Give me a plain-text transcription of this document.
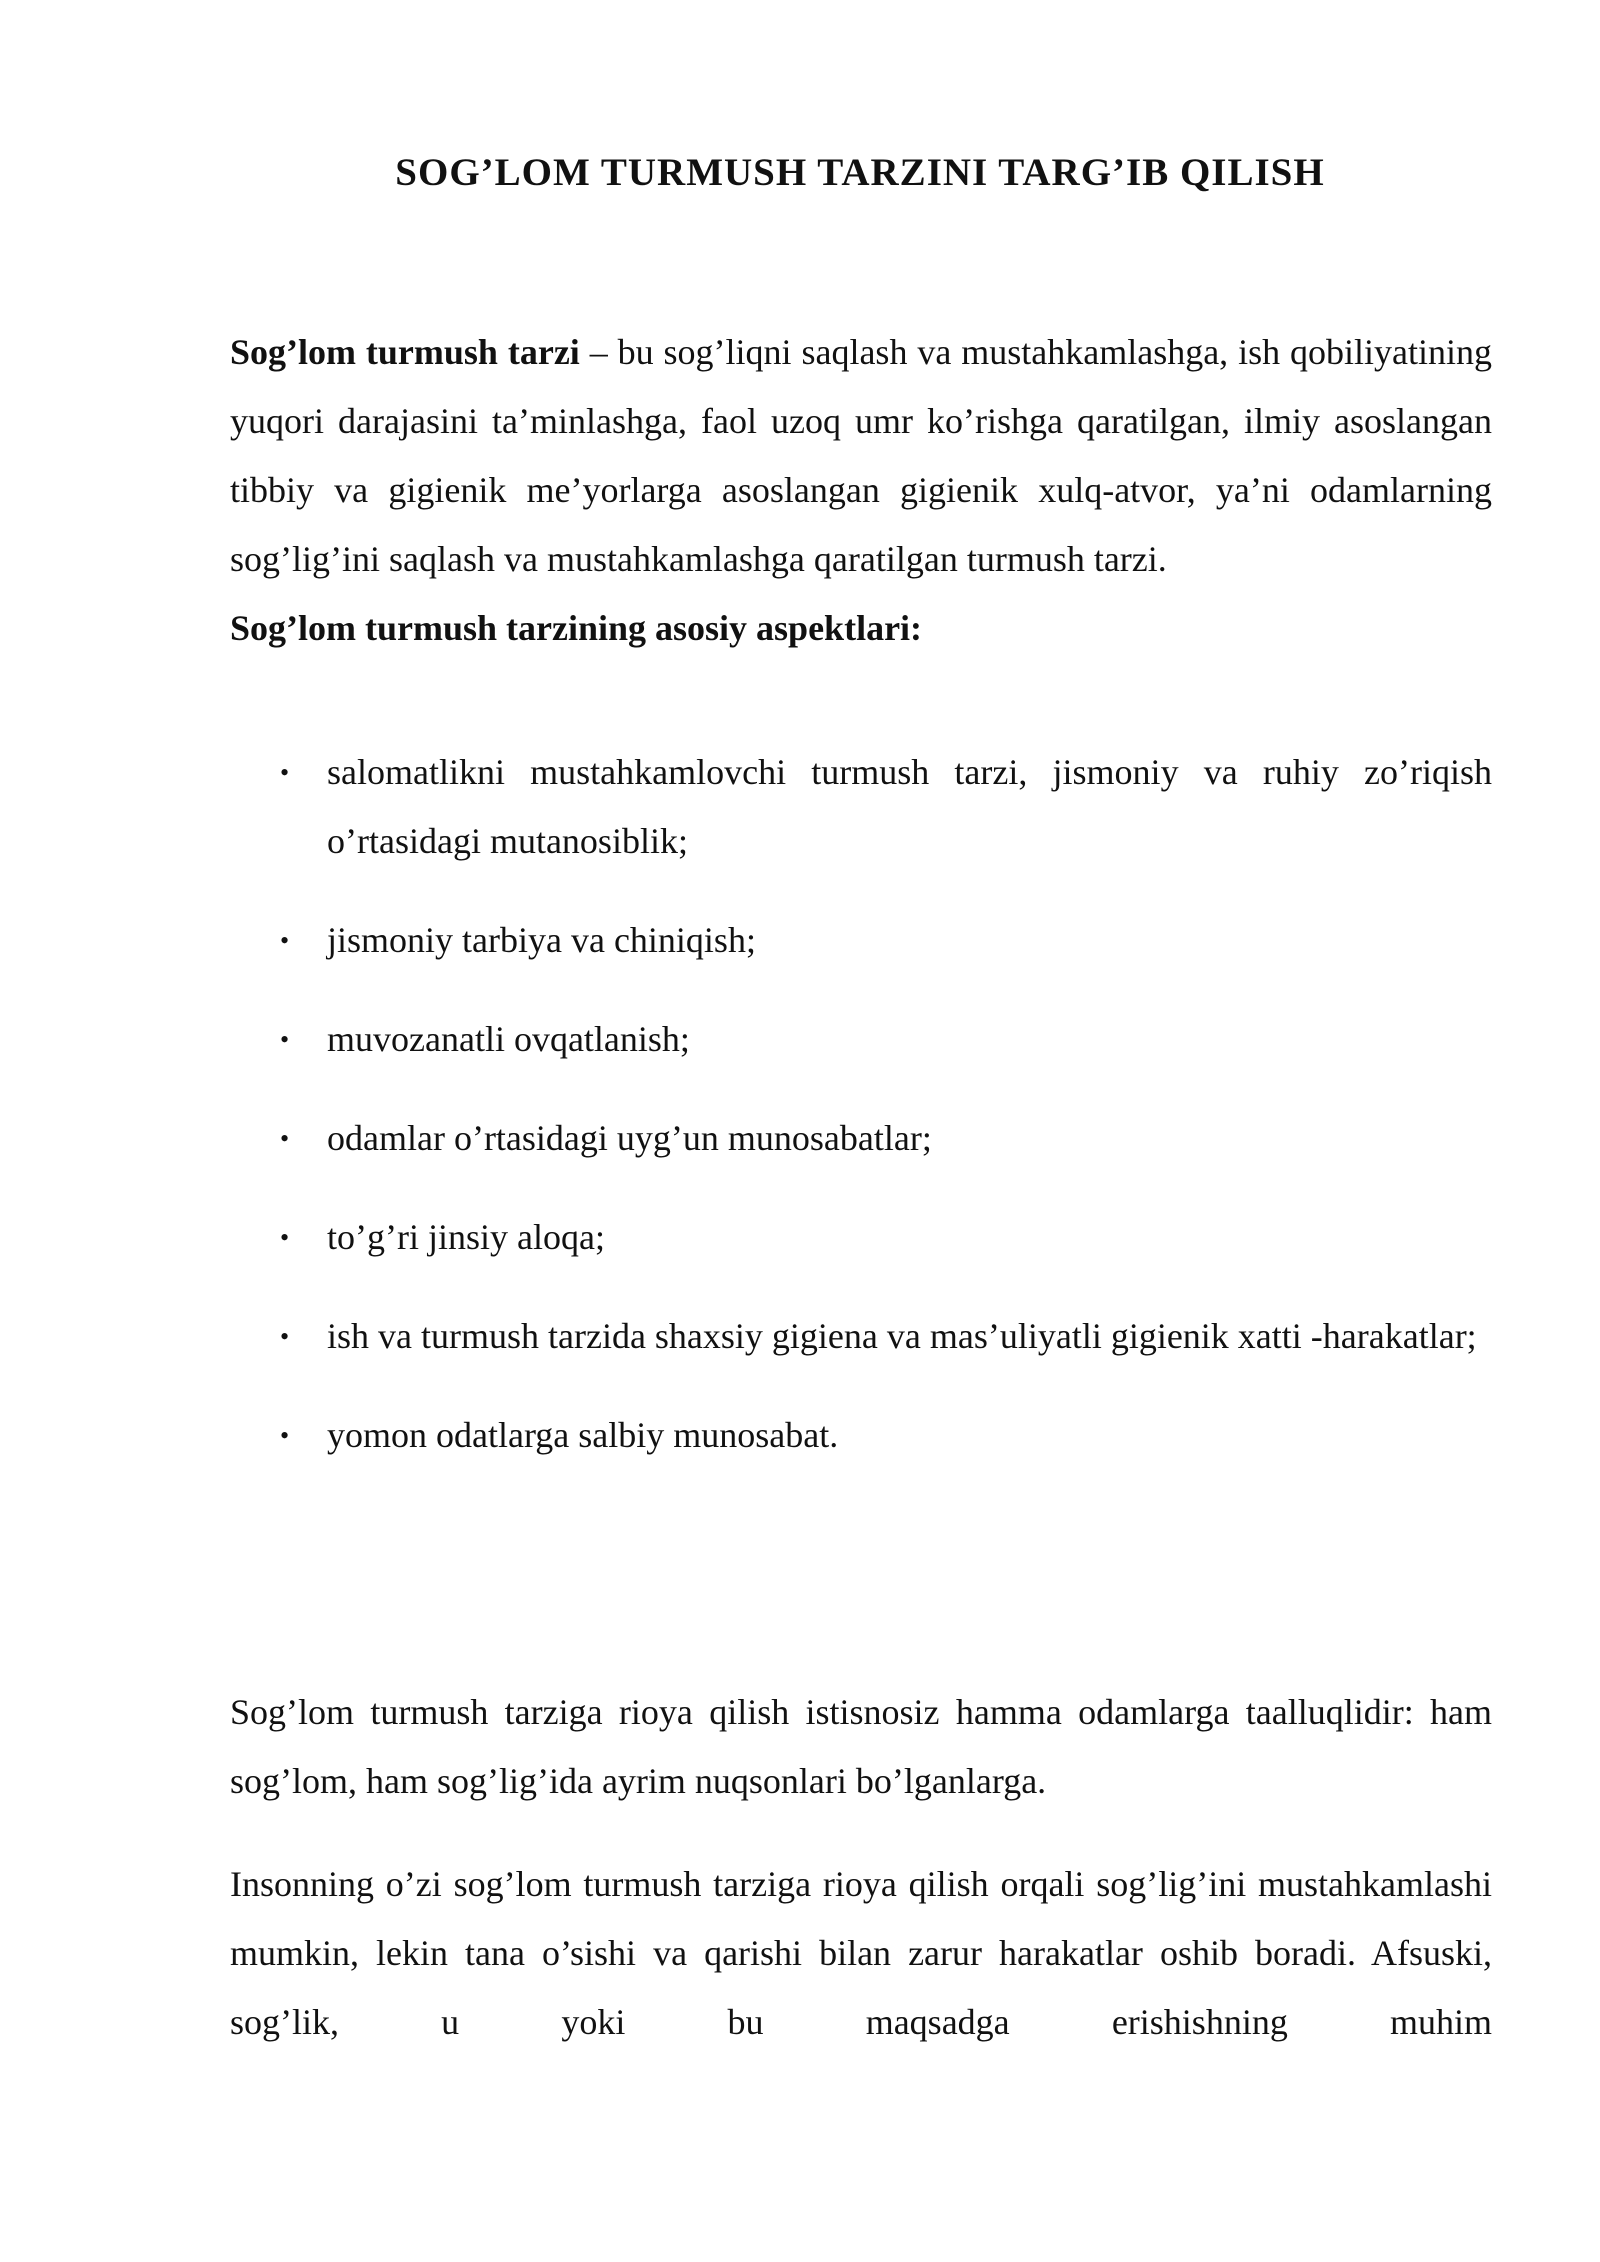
SOG’LOM TURMUSH TARZINI TARG’IB QILISH

Sog’lom turmush tarzi – bu sog’liqni saqlash va mustahkamlashga, ish qobiliyatining yuqori darajasini ta’minlashga, faol uzoq umr ko’rishga qaratilgan, ilmiy asoslangan tibbiy va gigienik me’yorlarga asoslangan gigienik xulq-atvor, ya’ni odamlarning sog’lig’ini saqlash va mustahkamlashga qaratilgan turmush tarzi.

Sog’lom turmush tarzining asosiy aspektlari:

• salomatlikni mustahkamlovchi turmush tarzi, jismoniy va ruhiy zo’riqish o’rtasidagi mutanosiblik;
• jismoniy tarbiya va chiniqish;
• muvozanatli ovqatlanish;
• odamlar o’rtasidagi uyg’un munosabatlar;
• to’g’ri jinsiy aloqa;
• ish va turmush tarzida shaxsiy gigiena va mas’uliyatli gigienik xatti -harakatlar;
• yomon odatlarga salbiy munosabat.

Sog’lom turmush tarziga rioya qilish istisnosiz hamma odamlarga taalluqlidir: ham sog’lom, ham sog’lig’ida ayrim nuqsonlari bo’lganlarga.

Insonning o’zi sog’lom turmush tarziga rioya qilish orqali sog’lig’ini mustahkamlashi mumkin, lekin tana o’sishi va qarishi bilan zarur harakatlar oshib boradi. Afsuski, sog’lik, u yoki bu maqsadga erishishning muhim
